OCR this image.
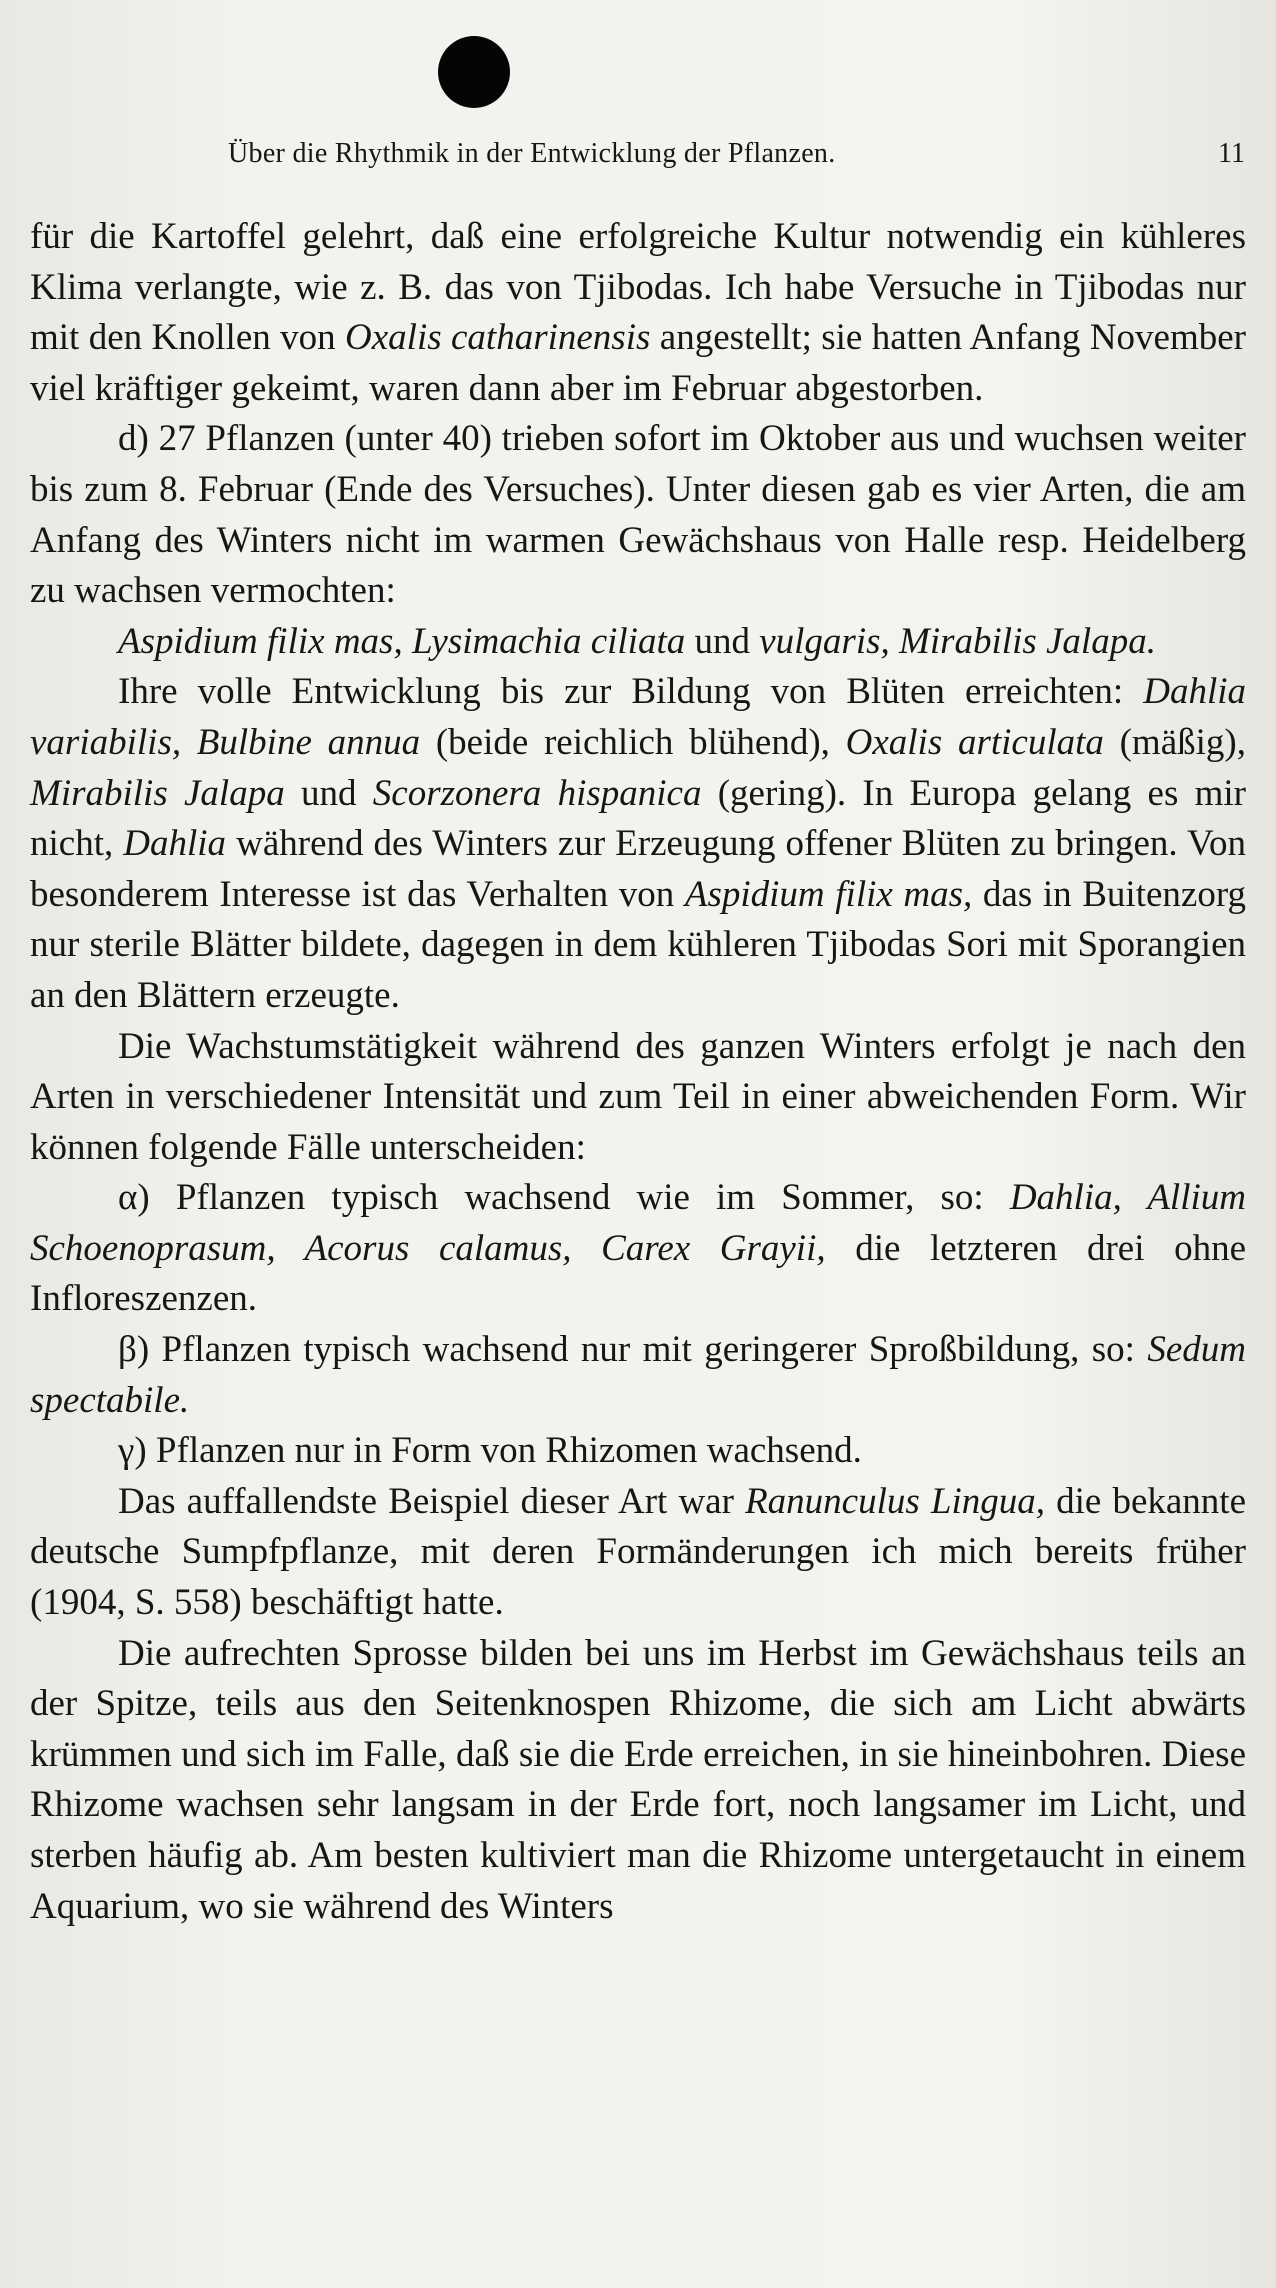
Über die Rhythmik in der Entwicklung der Pflanzen.	11

für die Kartoffel gelehrt, daß eine erfolgreiche Kultur notwendig ein kühleres Klima verlangte, wie z. B. das von Tjibodas. Ich habe Versuche in Tjibodas nur mit den Knollen von Oxalis catharinensis angestellt; sie hatten Anfang November viel kräftiger gekeimt, waren dann aber im Februar abgestorben.

d) 27 Pflanzen (unter 40) trieben sofort im Oktober aus und wuchsen weiter bis zum 8. Februar (Ende des Versuches). Unter diesen gab es vier Arten, die am Anfang des Winters nicht im warmen Gewächshaus von Halle resp. Heidelberg zu wachsen vermochten:

Aspidium filix mas, Lysimachia ciliata und vulgaris, Mirabilis Jalapa.

Ihre volle Entwicklung bis zur Bildung von Blüten erreichten: Dahlia variabilis, Bulbine annua (beide reichlich blühend), Oxalis articulata (mäßig), Mirabilis Jalapa und Scorzonera hispanica (gering). In Europa gelang es mir nicht, Dahlia während des Winters zur Erzeugung offener Blüten zu bringen. Von besonderem Interesse ist das Verhalten von Aspidium filix mas, das in Buitenzorg nur sterile Blätter bildete, dagegen in dem kühleren Tjibodas Sori mit Sporangien an den Blättern erzeugte.

Die Wachstumstätigkeit während des ganzen Winters erfolgt je nach den Arten in verschiedener Intensität und zum Teil in einer abweichenden Form. Wir können folgende Fälle unterscheiden:

α) Pflanzen typisch wachsend wie im Sommer, so: Dahlia, Allium Schoenoprasum, Acorus calamus, Carex Grayii, die letzteren drei ohne Infloreszenzen.

β) Pflanzen typisch wachsend nur mit geringerer Sproßbildung, so: Sedum spectabile.

γ) Pflanzen nur in Form von Rhizomen wachsend.

Das auffallendste Beispiel dieser Art war Ranunculus Lingua, die bekannte deutsche Sumpfpflanze, mit deren Formänderungen ich mich bereits früher (1904, S. 558) beschäftigt hatte.

Die aufrechten Sprosse bilden bei uns im Herbst im Gewächshaus teils an der Spitze, teils aus den Seitenknospen Rhizome, die sich am Licht abwärts krümmen und sich im Falle, daß sie die Erde erreichen, in sie hineinbohren. Diese Rhizome wachsen sehr langsam in der Erde fort, noch langsamer im Licht, und sterben häufig ab. Am besten kultiviert man die Rhizome untergetaucht in einem Aquarium, wo sie während des Winters
